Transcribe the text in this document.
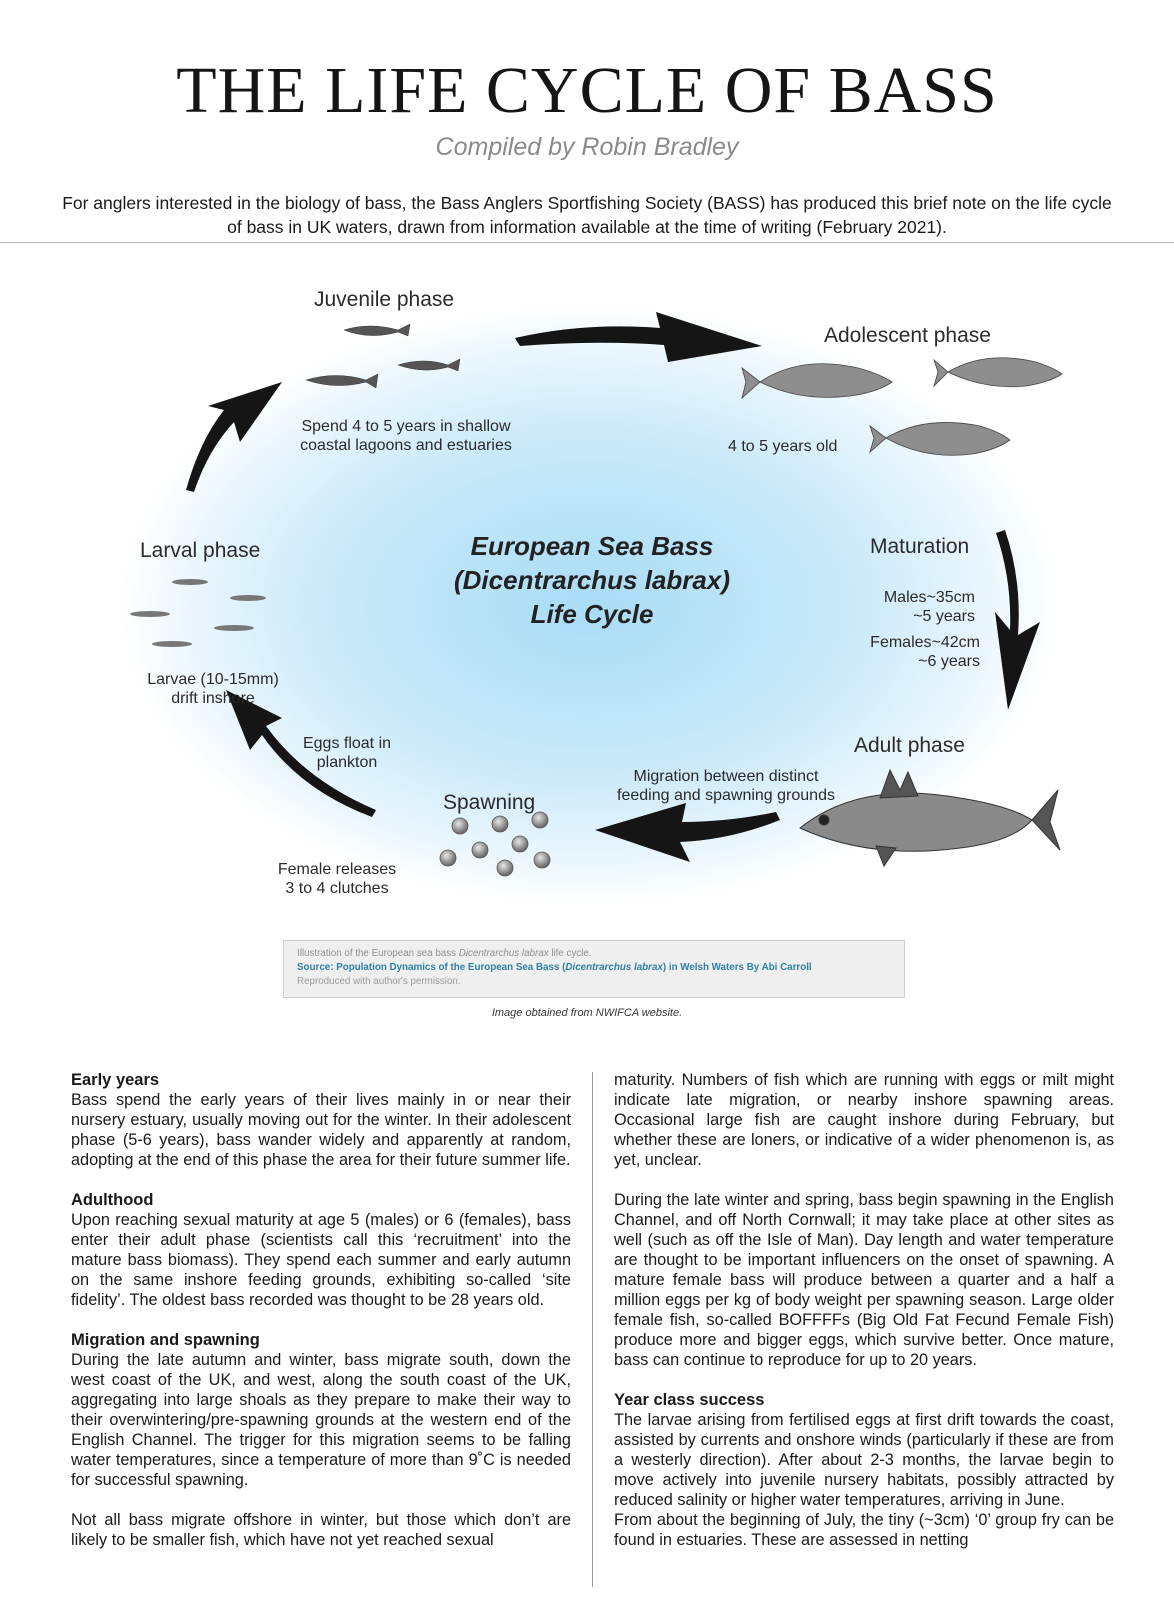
THE LIFE CYCLE OF BASS
Compiled by Robin Bradley
For anglers interested in the biology of bass, the Bass Anglers Sportfishing Society (BASS) has produced this brief note on the life cycle of bass in UK waters, drawn from information available at the time of writing (February 2021).
Juvenile phase
Spend 4 to 5 years in shallow
coastal lagoons and estuaries
Adolescent phase
4 to 5 years old
European Sea Bass
(Dicentrarchus labrax)
Life Cycle
Maturation
Males~35cm
~5 years
Females~42cm
~6 years
Adult phase
Migration between distinct
feeding and spawning grounds
Spawning
Female releases
3 to 4 clutches
Eggs float in
plankton
Larval phase
Larvae (10-15mm)
drift inshore
Illustration of the European sea bass Dicentrarchus labrax life cycle.
Source: Population Dynamics of the European Sea Bass (Dicentrarchus labrax) in Welsh Waters By Abi Carroll
Reproduced with author's permission.
Image obtained from NWIFCA website.
Early years

Bass spend the early years of their lives mainly in or near their nursery estuary, usually moving out for the winter. In their adolescent phase (5-6 years), bass wander widely and apparently at random, adopting at the end of this phase the area for their future summer life.

Adulthood

Upon reaching sexual maturity at age 5 (males) or 6 (females), bass enter their adult phase (scientists call this ‘recruitment’ into the mature bass biomass). They spend each summer and early autumn on the same inshore feeding grounds, exhibiting so-called ‘site fidelity’. The oldest bass recorded was thought to be 28 years old.

Migration and spawning

During the late autumn and winter, bass migrate south, down the west coast of the UK, and west, along the south coast of the UK, aggregating into large shoals as they prepare to make their way to their overwintering/pre-spawning grounds at the western end of the English Channel. The trigger for this migration seems to be falling water temperatures, since a temperature of more than 9˚C is needed for successful spawning.

Not all bass migrate offshore in winter, but those which don’t are likely to be smaller fish, which have not yet reached sexual

maturity. Numbers of fish which are running with eggs or milt might indicate late migration, or nearby inshore spawning areas. Occasional large fish are caught inshore during February, but whether these are loners, or indicative of a wider phenomenon is, as yet, unclear.

During the late winter and spring, bass begin spawning in the English Channel, and off North Cornwall; it may take place at other sites as well (such as off the Isle of Man). Day length and water temperature are thought to be important influencers on the onset of spawning. A mature female bass will produce between a quarter and a half a million eggs per kg of body weight per spawning season. Large older female fish, so-called BOFFFFs (Big Old Fat Fecund Female Fish) produce more and bigger eggs, which survive better. Once mature, bass can continue to reproduce for up to 20 years.

Year class success

The larvae arising from fertilised eggs at first drift towards the coast, assisted by currents and onshore winds (particularly if these are from a westerly direction). After about 2-3 months, the larvae begin to move actively into juvenile nursery habitats, possibly attracted by reduced salinity or higher water temperatures, arriving in June.

From about the beginning of July, the tiny (~3cm) ‘0’ group fry can be found in estuaries. These are assessed in netting
